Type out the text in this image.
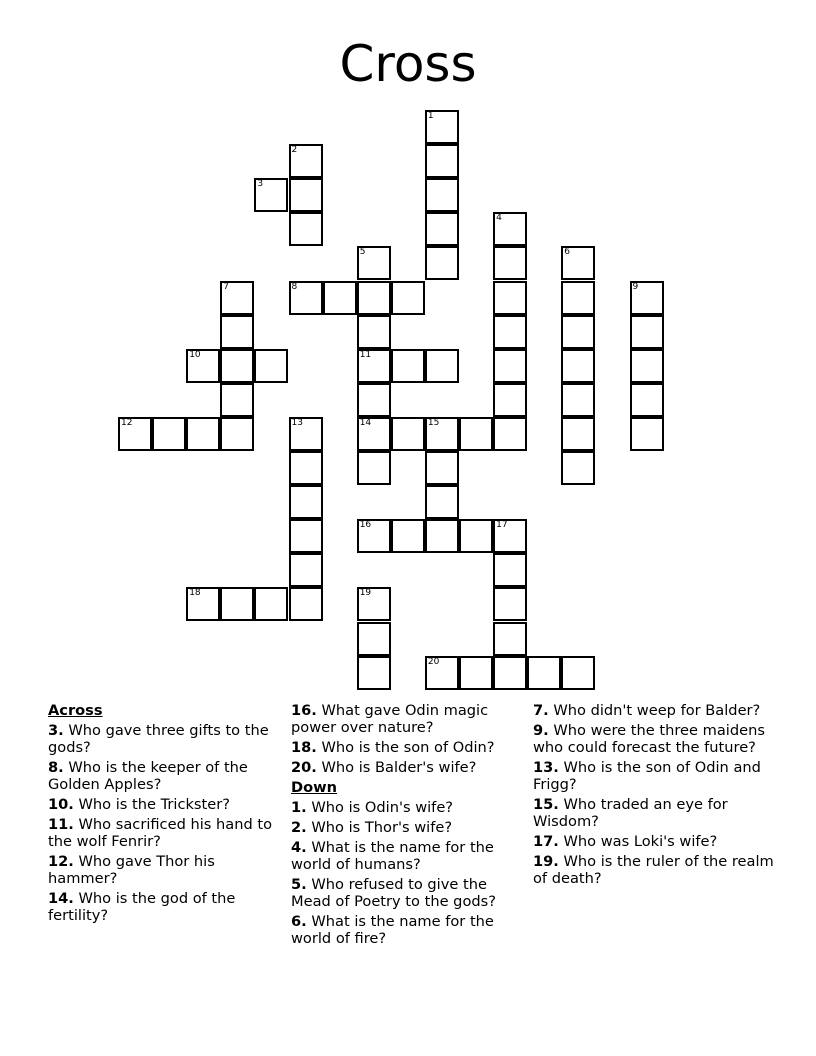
Cross
3
8
10	11
12	14	15
16	17
18
20
1
2
4
5	6
7	9
13
19
Across
3. Who gave three gifts to the gods?
8. Who is the keeper of the Golden Apples?
10. Who is the Trickster?
11. Who sacrificed his hand to the wolf Fenrir?
12. Who gave Thor his hammer?
14. Who is the god of the fertility?
16. What gave Odin magic power over nature?
18. Who is the son of Odin?
20. Who is Balder's wife?
Down
1. Who is Odin's wife?
2. Who is Thor's wife?
4. What is the name for the world of humans?
5. Who refused to give the Mead of Poetry to the gods?
6. What is the name for the world of fire?
7. Who didn't weep for Balder?
9. Who were the three maidens who could forecast the future?
13. Who is the son of Odin and Frigg?
15. Who traded an eye for Wisdom?
17. Who was Loki's wife?
19. Who is the ruler of the realm of death?
